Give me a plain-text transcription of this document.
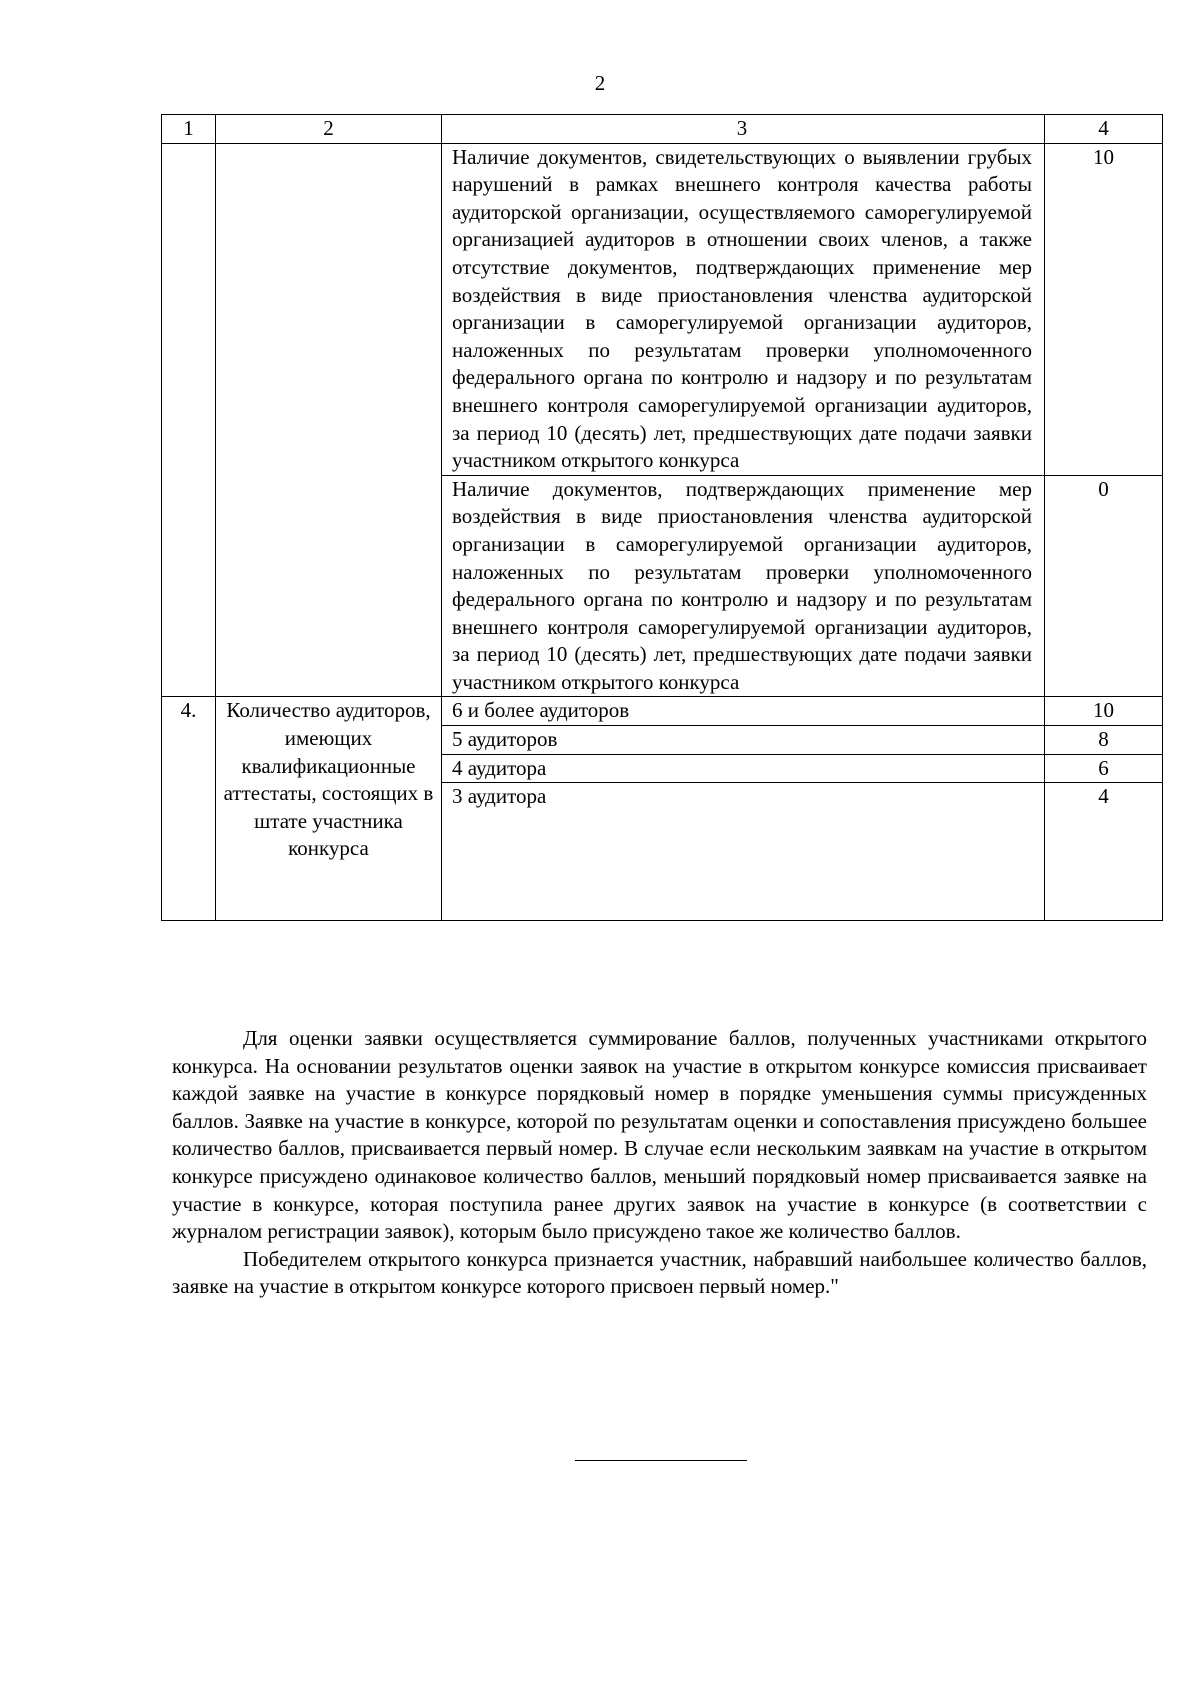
2
1	2	3	4
		Наличие документов, свидетельствующих о выявлении грубых нарушений в рамках внешнего контроля качества работы аудиторской организации, осуществляемого саморегулируемой организацией аудиторов в отношении своих членов, а также отсутствие документов, подтверждающих применение мер воздействия в виде приостановления членства аудиторской организации в саморегулируемой организации аудиторов, наложенных по результатам проверки уполномоченного федерального органа по контролю и надзору и по результатам внешнего контроля саморегулируемой организации аудиторов, за период 10 (десять) лет, предшествующих дате подачи заявки участником открытого конкурса	10
		Наличие документов, подтверждающих применение мер воздействия в виде приостановления членства аудиторской организации в саморегулируемой организации аудиторов, наложенных по результатам проверки уполномоченного федерального органа по контролю и надзору и по результатам внешнего контроля саморегулируемой организации аудиторов, за период 10 (десять) лет, предшествующих дате подачи заявки участником открытого конкурса	0
4.	Количество аудиторов, имеющих квалификационные аттестаты, состоящих в штате участника конкурса	6 и более аудиторов	10
		5 аудиторов	8
		4 аудитора	6
		3 аудитора	4

Для оценки заявки осуществляется суммирование баллов, полученных участниками открытого конкурса. На основании результатов оценки заявок на участие в открытом конкурсе комиссия присваивает каждой заявке на участие в конкурсе порядковый номер в порядке уменьшения суммы присужденных баллов. Заявке на участие в конкурсе, которой по результатам оценки и сопоставления присуждено большее количество баллов, присваивается первый номер. В случае если нескольким заявкам на участие в открытом конкурсе присуждено одинаковое количество баллов, меньший порядковый номер присваивается заявке на участие в конкурсе, которая поступила ранее других заявок на участие в конкурсе (в соответствии с журналом регистрации заявок), которым было присуждено такое же количество баллов.

Победителем открытого конкурса признается участник, набравший наибольшее количество баллов, заявке на участие в открытом конкурсе которого присвоен первый номер."
